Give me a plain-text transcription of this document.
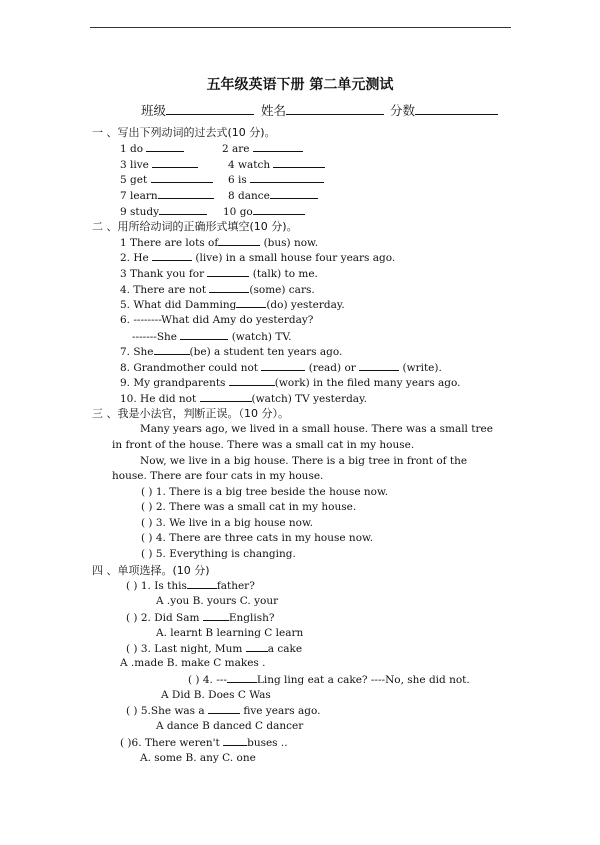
五年级英语下册 第二单元测试
班级	姓名	分数
一 、写出下列动词的过去式(10 分)。
1 do	2 are
3 live	4 watch
5 get	6 is
7 learn	8 dance
9 study	10 go
二 、用所给动词的正确形式填空(10 分)。
1 There are lots of	(bus) now.
2. He	(live) in a small house four years ago.
3 Thank you for	(talk) to me.
4. There are not	(some) cars.
5. What did Damming	(do) yesterday.
6. --------What did Amy do yesterday?
-------She	(watch) TV.
7. She	(be) a student ten years ago.
8. Grandmother could not	(read) or	(write).
9. My grandparents	(work) in the filed many years ago.
10. He did not	(watch) TV yesterday.
三 、我是小法官，判断正误。（10 分）。
Many years ago, we lived in a small house. There was a small tree
in front of the house. There was a small cat in my house.
Now, we live in a big house. There is a big tree in front of the
house. There are four cats in my house.
( ) 1. There is a big tree beside the house now.
( ) 2. There was a small cat in my house.
( ) 3. We live in a big house now.
( ) 4. There are three cats in my house now.
( ) 5. Everything is changing.
四 、单项选择。(10 分)
( ) 1. Is this	father?
A .you B. yours C. your
( ) 2. Did Sam	English?
A. learnt B learning C learn
( ) 3. Last night, Mum a cake
A .made B. make C makes .
( ) 4. ---	Ling ling eat a cake? ----No, she did not.
A Did B. Does C Was
( ) 5.She was a	five years ago.
A dance B danced C dancer
( )6. There weren't	buses ..
A. some B. any C. one
